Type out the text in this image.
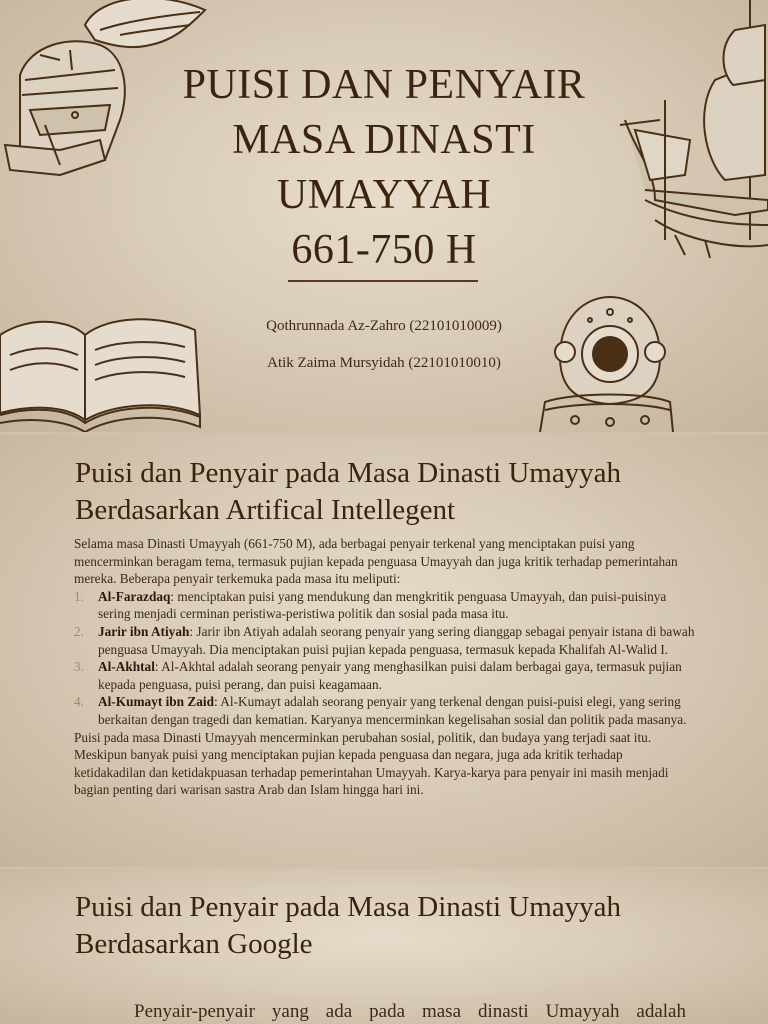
PUISI DAN PENYAIR
MASA DINASTI
UMAYYAH
661-750 H
Qothrunnada Az-Zahro (22101010009)
Atik Zaima Mursyidah (22101010010)
Puisi dan Penyair pada Masa Dinasti Umayyah Berdasarkan Artifical Intellegent

Selama masa Dinasti Umayyah (661-750 M), ada berbagai penyair terkenal yang menciptakan puisi yang mencerminkan beragam tema, termasuk pujian kepada penguasa Umayyah dan juga kritik terhadap pemerintahan mereka. Beberapa penyair terkemuka pada masa itu meliputi:

1. Al-Farazdaq: menciptakan puisi yang mendukung dan mengkritik penguasa Umayyah, dan puisi-puisinya sering menjadi cerminan peristiwa-peristiwa politik dan sosial pada masa itu.
2. Jarir ibn Atiyah: Jarir ibn Atiyah adalah seorang penyair yang sering dianggap sebagai penyair istana di bawah penguasa Umayyah. Dia menciptakan puisi pujian kepada penguasa, termasuk kepada Khalifah Al-Walid I.
3. Al-Akhtal: Al-Akhtal adalah seorang penyair yang menghasilkan puisi dalam berbagai gaya, termasuk pujian kepada penguasa, puisi perang, dan puisi keagamaan.
4. Al-Kumayt ibn Zaid: Al-Kumayt adalah seorang penyair yang terkenal dengan puisi-puisi elegi, yang sering berkaitan dengan tragedi dan kematian. Karyanya mencerminkan kegelisahan sosial dan politik pada masanya.

Puisi pada masa Dinasti Umayyah mencerminkan perubahan sosial, politik, dan budaya yang terjadi saat itu. Meskipun banyak puisi yang menciptakan pujian kepada penguasa dan negara, juga ada kritik terhadap ketidakadilan dan ketidakpuasan terhadap pemerintahan Umayyah. Karya-karya para penyair ini masih menjadi bagian penting dari warisan sastra Arab dan Islam hingga hari ini.

Puisi dan Penyair pada Masa Dinasti Umayyah Berdasarkan Google
Penyair-penyair yang ada pada masa dinasti Umayyah adalah
